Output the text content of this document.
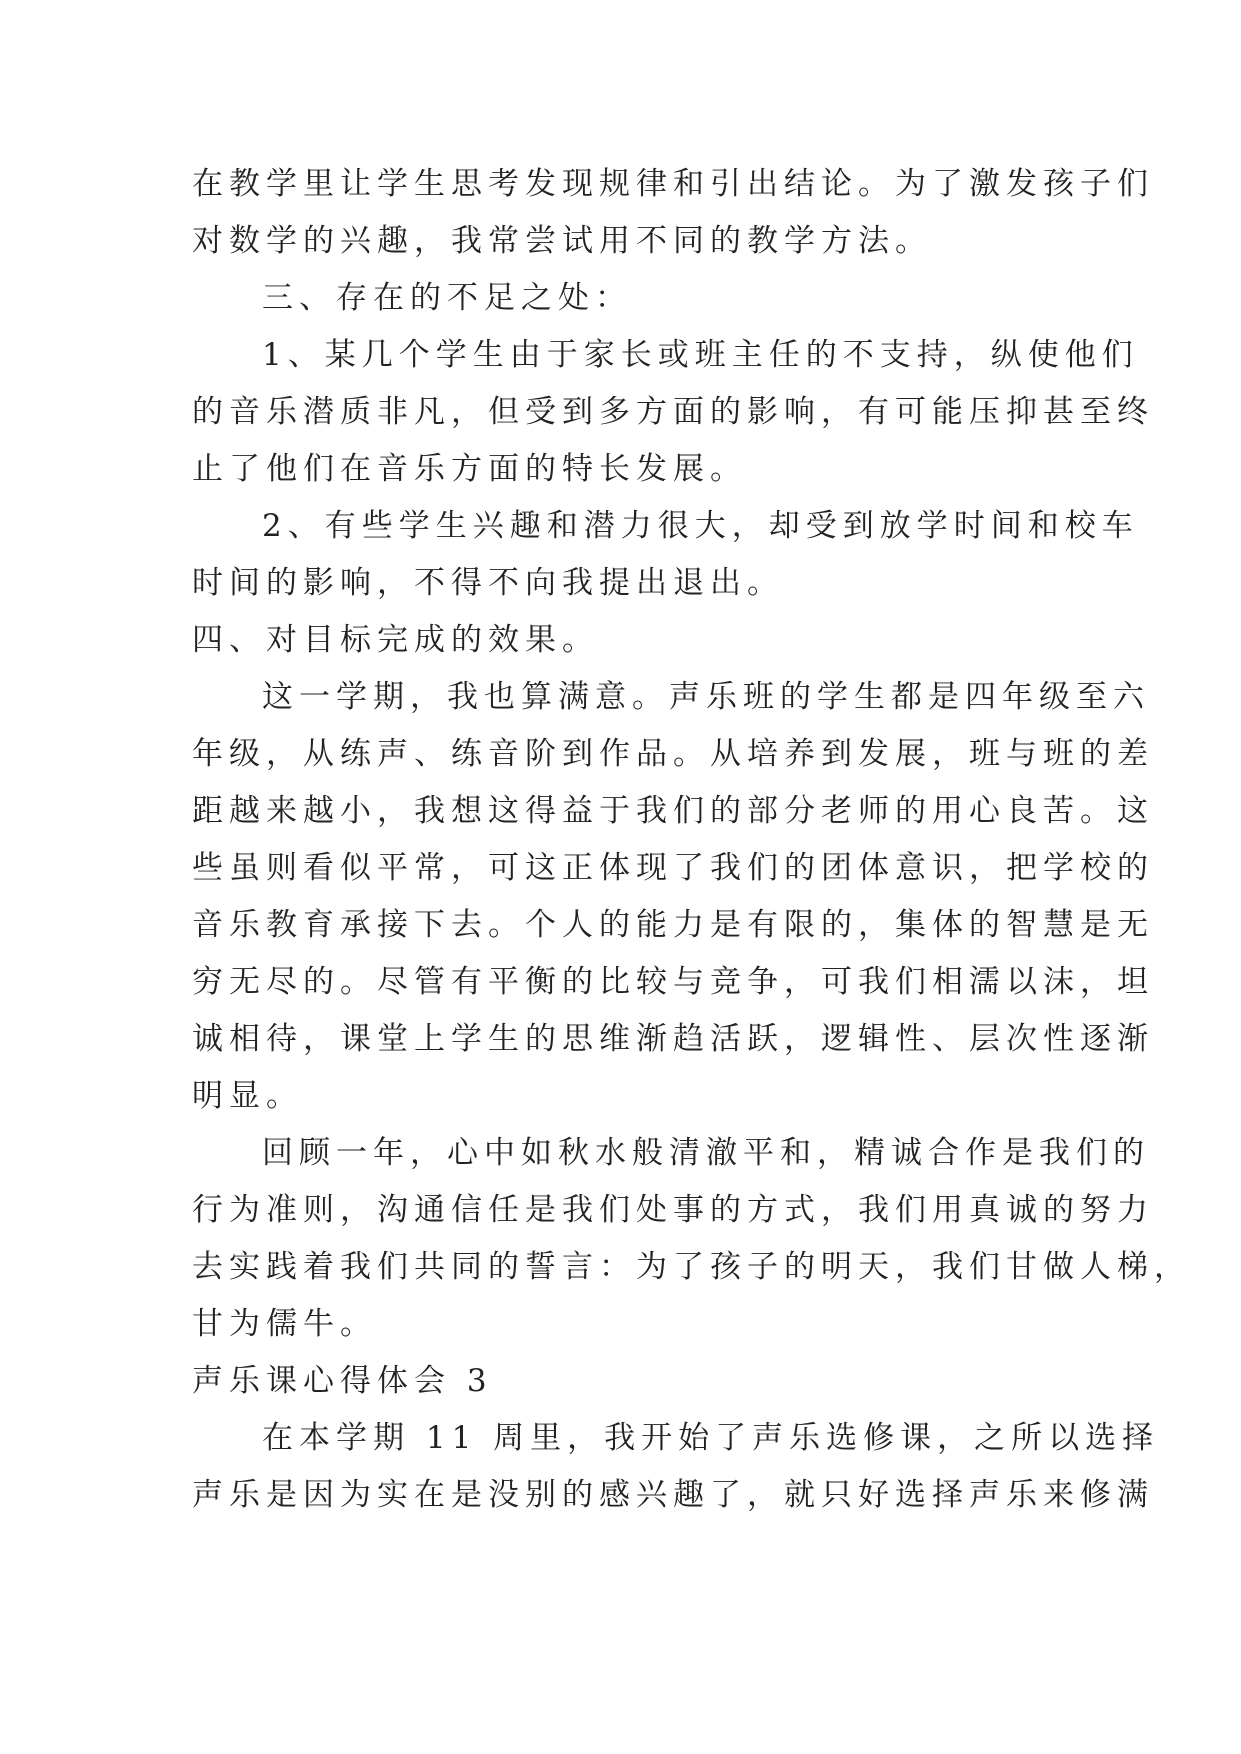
在教学里让学生思考发现规律和引出结论。为了激发孩子们
对数学的兴趣，我常尝试用不同的教学方法。
三、存在的不足之处：
1、某几个学生由于家长或班主任的不支持，纵使他们
的音乐潜质非凡，但受到多方面的影响，有可能压抑甚至终
止了他们在音乐方面的特长发展。
2、有些学生兴趣和潜力很大，却受到放学时间和校车
时间的影响，不得不向我提出退出。
四、对目标完成的效果。
这一学期，我也算满意。声乐班的学生都是四年级至六
年级，从练声、练音阶到作品。从培养到发展，班与班的差
距越来越小，我想这得益于我们的部分老师的用心良苦。这
些虽则看似平常，可这正体现了我们的团体意识，把学校的
音乐教育承接下去。个人的能力是有限的，集体的智慧是无
穷无尽的。尽管有平衡的比较与竞争，可我们相濡以沫，坦
诚相待，课堂上学生的思维渐趋活跃，逻辑性、层次性逐渐
明显。
回顾一年，心中如秋水般清澈平和，精诚合作是我们的
行为准则，沟通信任是我们处事的方式，我们用真诚的努力
去实践着我们共同的誓言：为了孩子的明天，我们甘做人梯，
甘为儒牛。
声乐课心得体会 3
在本学期 11 周里，我开始了声乐选修课，之所以选择
声乐是因为实在是没别的感兴趣了，就只好选择声乐来修满
